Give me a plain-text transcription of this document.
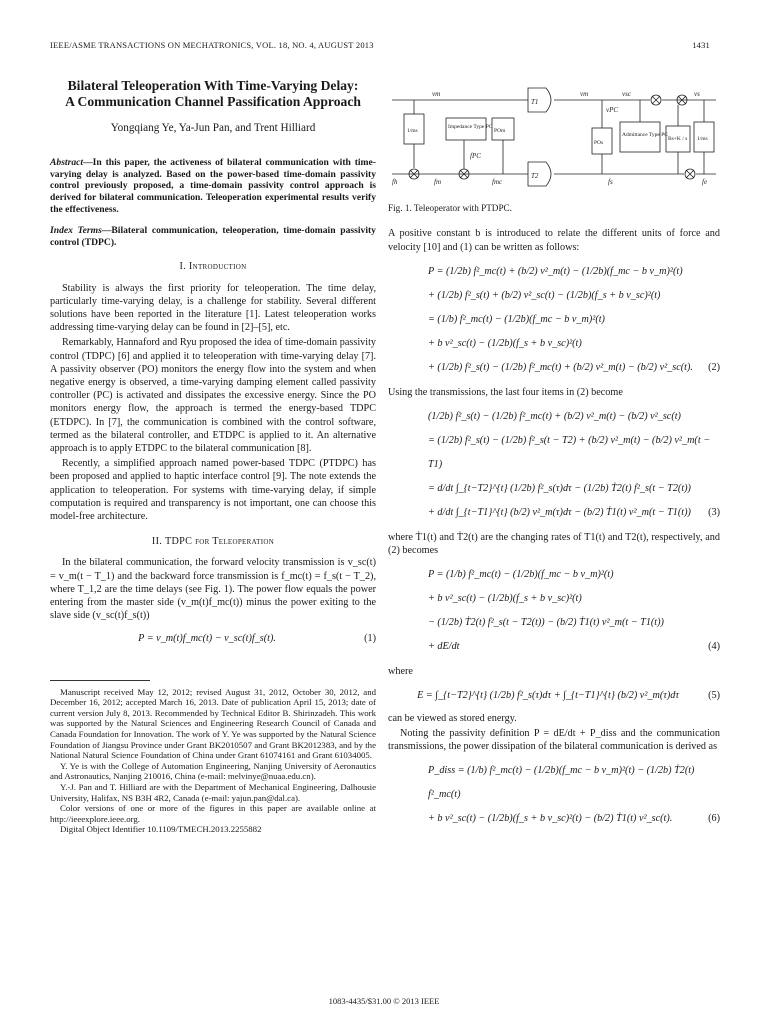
IEEE/ASME TRANSACTIONS ON MECHATRONICS, VOL. 18, NO. 4, AUGUST 2013	1431
Bilateral Teleoperation With Time-Varying Delay:
A Communication Channel Passification Approach
Yongqiang Ye, Ya-Jun Pan, and Trent Hilliard
Abstract—In this paper, the activeness of bilateral communication with time-varying delay is analyzed. Based on the power-based time-domain passivity control previously proposed, a time-domain passivity control approach is derived for bilateral communication. Teleoperation experimental results verify the effectiveness.
Index Terms—Bilateral communication, teleoperation, time-domain passivity control (TDPC).
I. Introduction

Stability is always the first priority for teleoperation. The time delay, particularly time-varying delay, is a challenge for stability. Several different solutions have been reported in the literature [1]. Latest teleoperation works addressing time-varying delay can be found in [2]–[5], etc.

Remarkably, Hannaford and Ryu proposed the idea of time-domain passivity control (TDPC) [6] and applied it to teleoperation with time-varying delay [7]. A passivity observer (PO) monitors the energy flow into the system and when negative energy is observed, a time-varying damping element called passivity controller (PC) is activated and dissipates the excessive energy. Since the PO monitors energy flow, the approach is termed the energy-based TDPC (ETDPC). In [7], the communication is combined with the control software, termed as the bilateral controller, and ETDPC is applied to it. An alternative approach is to apply ETDPC to the bilateral communication [8].

Recently, a simplified approach named power-based TDPC (PTDPC) has been proposed and applied to haptic interface control [9]. The note extends the application to teleoperation. For systems with time-varying delay, if simple computation is required and transparency is not important, one can choose this model-free architecture.

II. TDPC for Teleoperation

In the bilateral communication, the forward velocity transmission is v_sc(t) = v_m(t − T_1) and the backward force transmission is f_mc(t) = f_s(t − T_2), where T_1,2 are the time delays (see Fig. 1). The power flow equals the power entering from the master side (v_m(t)f_mc(t)) minus the power exiting to the slave side (v_sc(t)f_s(t))

P = v_m(t)f_mc(t) − v_sc(t)f_s(t).	(1)

Manuscript received May 12, 2012; revised August 31, 2012, October 30, 2012, and December 16, 2012; accepted March 16, 2013. Date of publication April 15, 2013; date of current version July 8, 2013. Recommended by Technical Editor B. Shirinzadeh. This work was supported by the Natural Sciences and Engineering Research Council of Canada and Canada Foundation for Innovation. The work of Y. Ye was supported by the Natural Science Foundation of Jiangsu Province under Grant BK2010507 and Grant BK2012383, and by the National Natural Science Foundation of China under Grant 61074161 and Grant 61034005.

Y. Ye is with the College of Automation Engineering, Nanjing University of Aeronautics and Astronautics, Nanjing 210016, China (e-mail: melvinye@nuaa.edu.cn).

Y.-J. Pan and T. Hilliard are with the Department of Mechanical Engineering, Dalhousie University, Halifax, NS B3H 4R2, Canada (e-mail: yajun.pan@dal.ca).

Color versions of one or more of the figures in this paper are available online at http://ieeexplore.ieee.org.

Digital Object Identifier 10.1109/TMECH.2013.2255882

T1
T2
vm	vm	vsc	vs
fh	fm	fmc	fs	fe
fPC
vPC
1/ms
Impedance Type PC
POm
POs
Admittance Type PC
Bs+K / s 1/ms
Fig. 1. Teleoperator with PTDPC.

A positive constant b is introduced to relate the different units of force and velocity [10] and (1) can be written as follows:

P = (1/2b) f²_mc(t) + (b/2) v²_m(t) − (1/2b)(f_mc − b v_m)²(t)
+ (1/2b) f²_s(t) + (b/2) v²_sc(t) − (1/2b)(f_s + b v_sc)²(t)
= (1/b) f²_mc(t) − (1/2b)(f_mc − b v_m)²(t)
+ b v²_sc(t) − (1/2b)(f_s + b v_sc)²(t)
+ (1/2b) f²_s(t) − (1/2b) f²_mc(t) + (b/2) v²_m(t) − (b/2) v²_sc(t).	(2)

Using the transmissions, the last four items in (2) become

(1/2b) f²_s(t) − (1/2b) f²_mc(t) + (b/2) v²_m(t) − (b/2) v²_sc(t)
= (1/2b) f²_s(t) − (1/2b) f²_s(t − T2) + (b/2) v²_m(t) − (b/2) v²_m(t − T1)
= d/dt ∫_{t−T2}^{t} (1/2b) f²_s(τ)dτ − (1/2b) Ṫ2(t) f²_s(t − T2(t))
+ d/dt ∫_{t−T1}^{t} (b/2) v²_m(τ)dτ − (b/2) Ṫ1(t) v²_m(t − T1(t))	(3)

where Ṫ1(t) and Ṫ2(t) are the changing rates of T1(t) and T2(t), respectively, and (2) becomes

P = (1/b) f²_mc(t) − (1/2b)(f_mc − b v_m)²(t)
+ b v²_sc(t) − (1/2b)(f_s + b v_sc)²(t)
− (1/2b) Ṫ2(t) f²_s(t − T2(t)) − (b/2) Ṫ1(t) v²_m(t − T1(t))
+ dE/dt	(4)

where

E = ∫_{t−T2}^{t} (1/2b) f²_s(τ)dτ + ∫_{t−T1}^{t} (b/2) v²_m(τ)dτ	(5)

can be viewed as stored energy.

Noting the passivity definition P = dE/dt + P_diss and the communication transmissions, the power dissipation of the bilateral communication is derived as

P_diss = (1/b) f²_mc(t) − (1/2b)(f_mc − b v_m)²(t) − (1/2b) Ṫ2(t) f²_mc(t)
+ b v²_sc(t) − (1/2b)(f_s + b v_sc)²(t) − (b/2) Ṫ1(t) v²_sc(t).	(6)
1083-4435/$31.00 © 2013 IEEE
